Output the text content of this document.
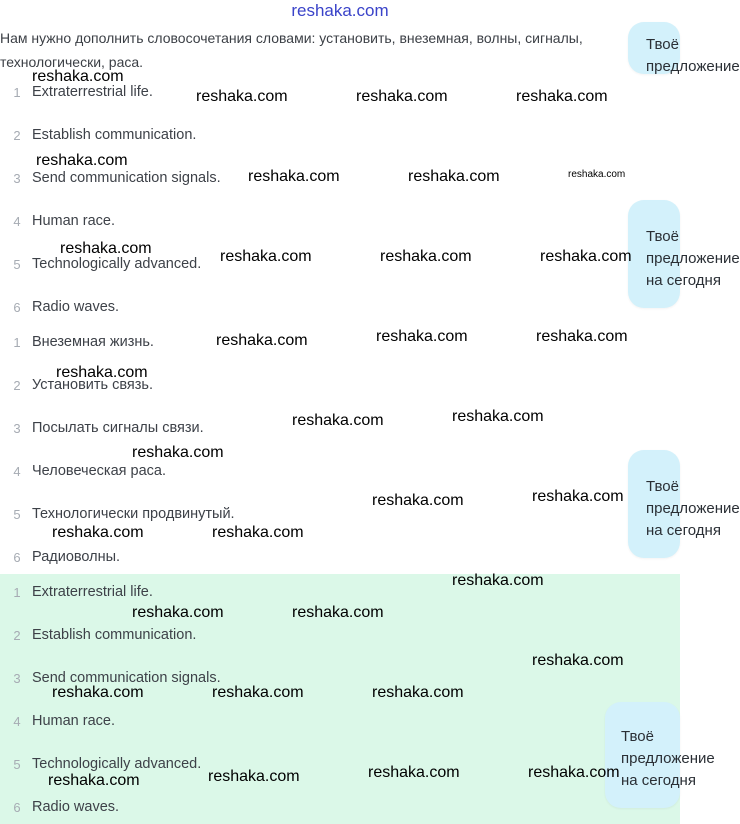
reshaka.com
Нам нужно дополнить словосочетания словами: установить, внеземная, волны, сигналы, технологически, раса.
1 Extraterrestrial life.
2 Establish communication.
3 Send communication signals.
4 Human race.
5 Technologically advanced.
6 Radio waves.
1 Внеземная жизнь.
2 Установить связь.
3 Посылать сигналы связи.
4 Человеческая раса.
5 Технологически продвинутый.
6 Радиоволны.
1 Extraterrestrial life.
2 Establish communication.
3 Send communication signals.
4 Human race.
5 Technologically advanced.
6 Radio waves.
Твоё
предложение
Твоё
предложение
на сегодня
Твоё
предложение
на сегодня
Твоё
предложение
на сегодня
reshaka.com
reshaka.com	reshaka.com	reshaka.com
reshaka.com
reshaka.com	reshaka.com	reshaka.com
reshaka.com	reshaka.com	reshaka.com	reshaka.com
reshaka.com	reshaka.com	reshaka.com
reshaka.com
reshaka.com	reshaka.com
reshaka.com
reshaka.com	reshaka.com
reshaka.com	reshaka.com
reshaka.com
reshaka.com	reshaka.com
reshaka.com
reshaka.com	reshaka.com	reshaka.com
reshaka.com	reshaka.com	reshaka.com	reshaka.com
